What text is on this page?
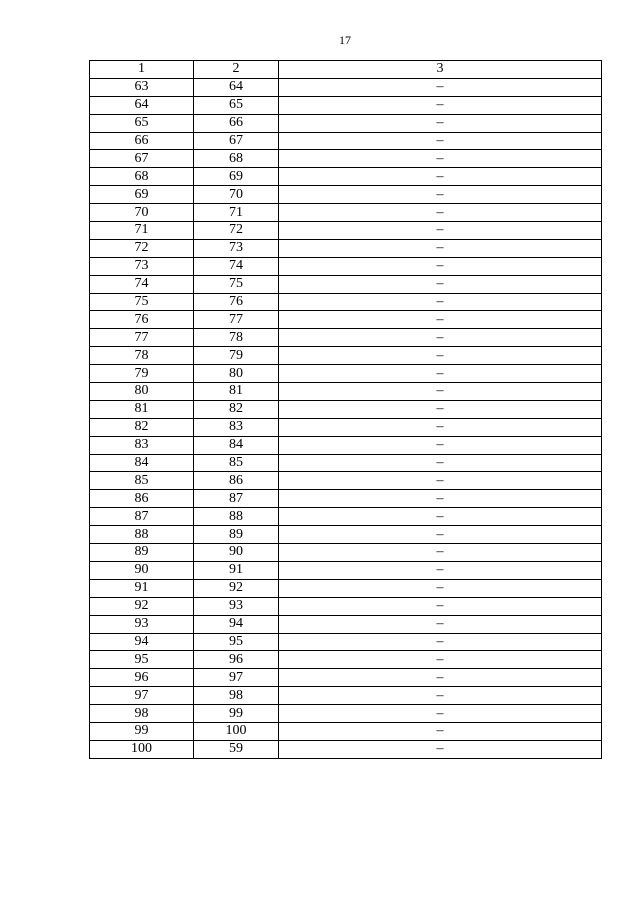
17
1	2	3
63	64	–
64	65	–
65	66	–
66	67	–
67	68	–
68	69	–
69	70	–
70	71	–
71	72	–
72	73	–
73	74	–
74	75	–
75	76	–
76	77	–
77	78	–
78	79	–
79	80	–
80	81	–
81	82	–
82	83	–
83	84	–
84	85	–
85	86	–
86	87	–
87	88	–
88	89	–
89	90	–
90	91	–
91	92	–
92	93	–
93	94	–
94	95	–
95	96	–
96	97	–
97	98	–
98	99	–
99	100	–
100	59	–
